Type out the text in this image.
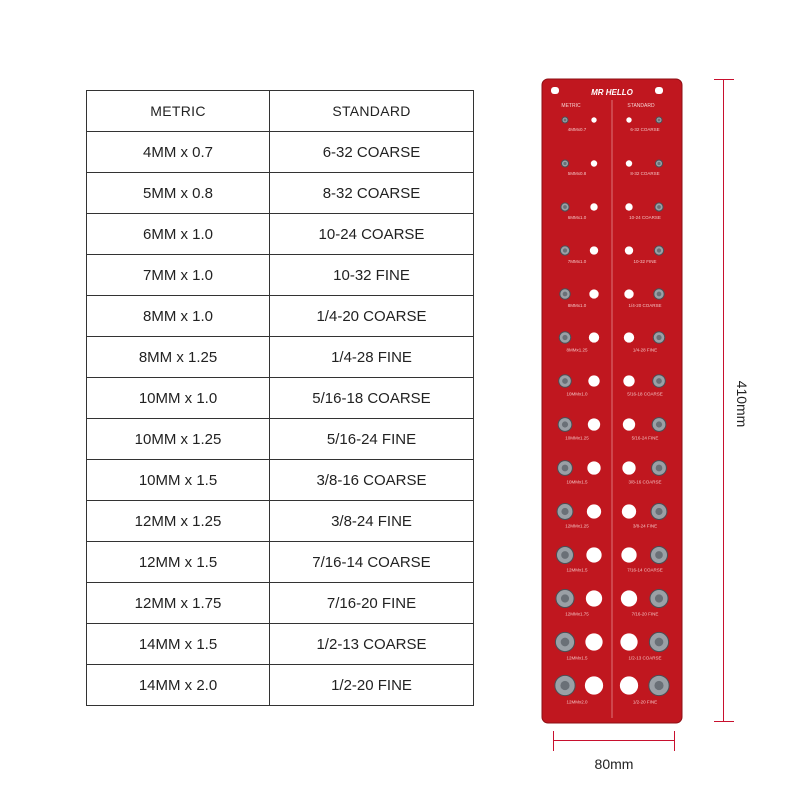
METRIC	STANDARD
4MM x 0.7	6-32 COARSE
5MM x 0.8	8-32 COARSE
6MM x 1.0	10-24 COARSE
7MM x 1.0	10-32 FINE
8MM x 1.0	1/4-20 COARSE
8MM x 1.25	1/4-28 FINE
10MM x 1.0	5/16-18 COARSE
10MM x 1.25	5/16-24 FINE
10MM x 1.5	3/8-16 COARSE
12MM x 1.25	3/8-24 FINE
12MM x 1.5	7/16-14 COARSE
12MM x 1.75	7/16-20 FINE
14MM x 1.5	1/2-13 COARSE
14MM x 2.0	1/2-20 FINE
MR HELLO
METRIC	STANDARD
4MMx0.7	6-32 COARSE
5MMx0.8	8-32 COARSE
6MMx1.0	10-24 COARSE
7MMx1.0	10-32 FINE
8MMx1.0	1/4-20 COARSE
8MMx1.25	1/4-28 FINE
10MMx1.0	5/16-18 COARSE
10MMx1.25	5/16-24 FINE
10MMx1.5	3/8-16 COARSE
12MMx1.25	3/8-24 FINE
12MMx1.5	7/16-14 COARSE
12MMx1.75	7/16-20 FINE
12MMx1.5	1/2-13 COARSE
12MMx2.0	1/2-20 FINE
410mm
80mm
